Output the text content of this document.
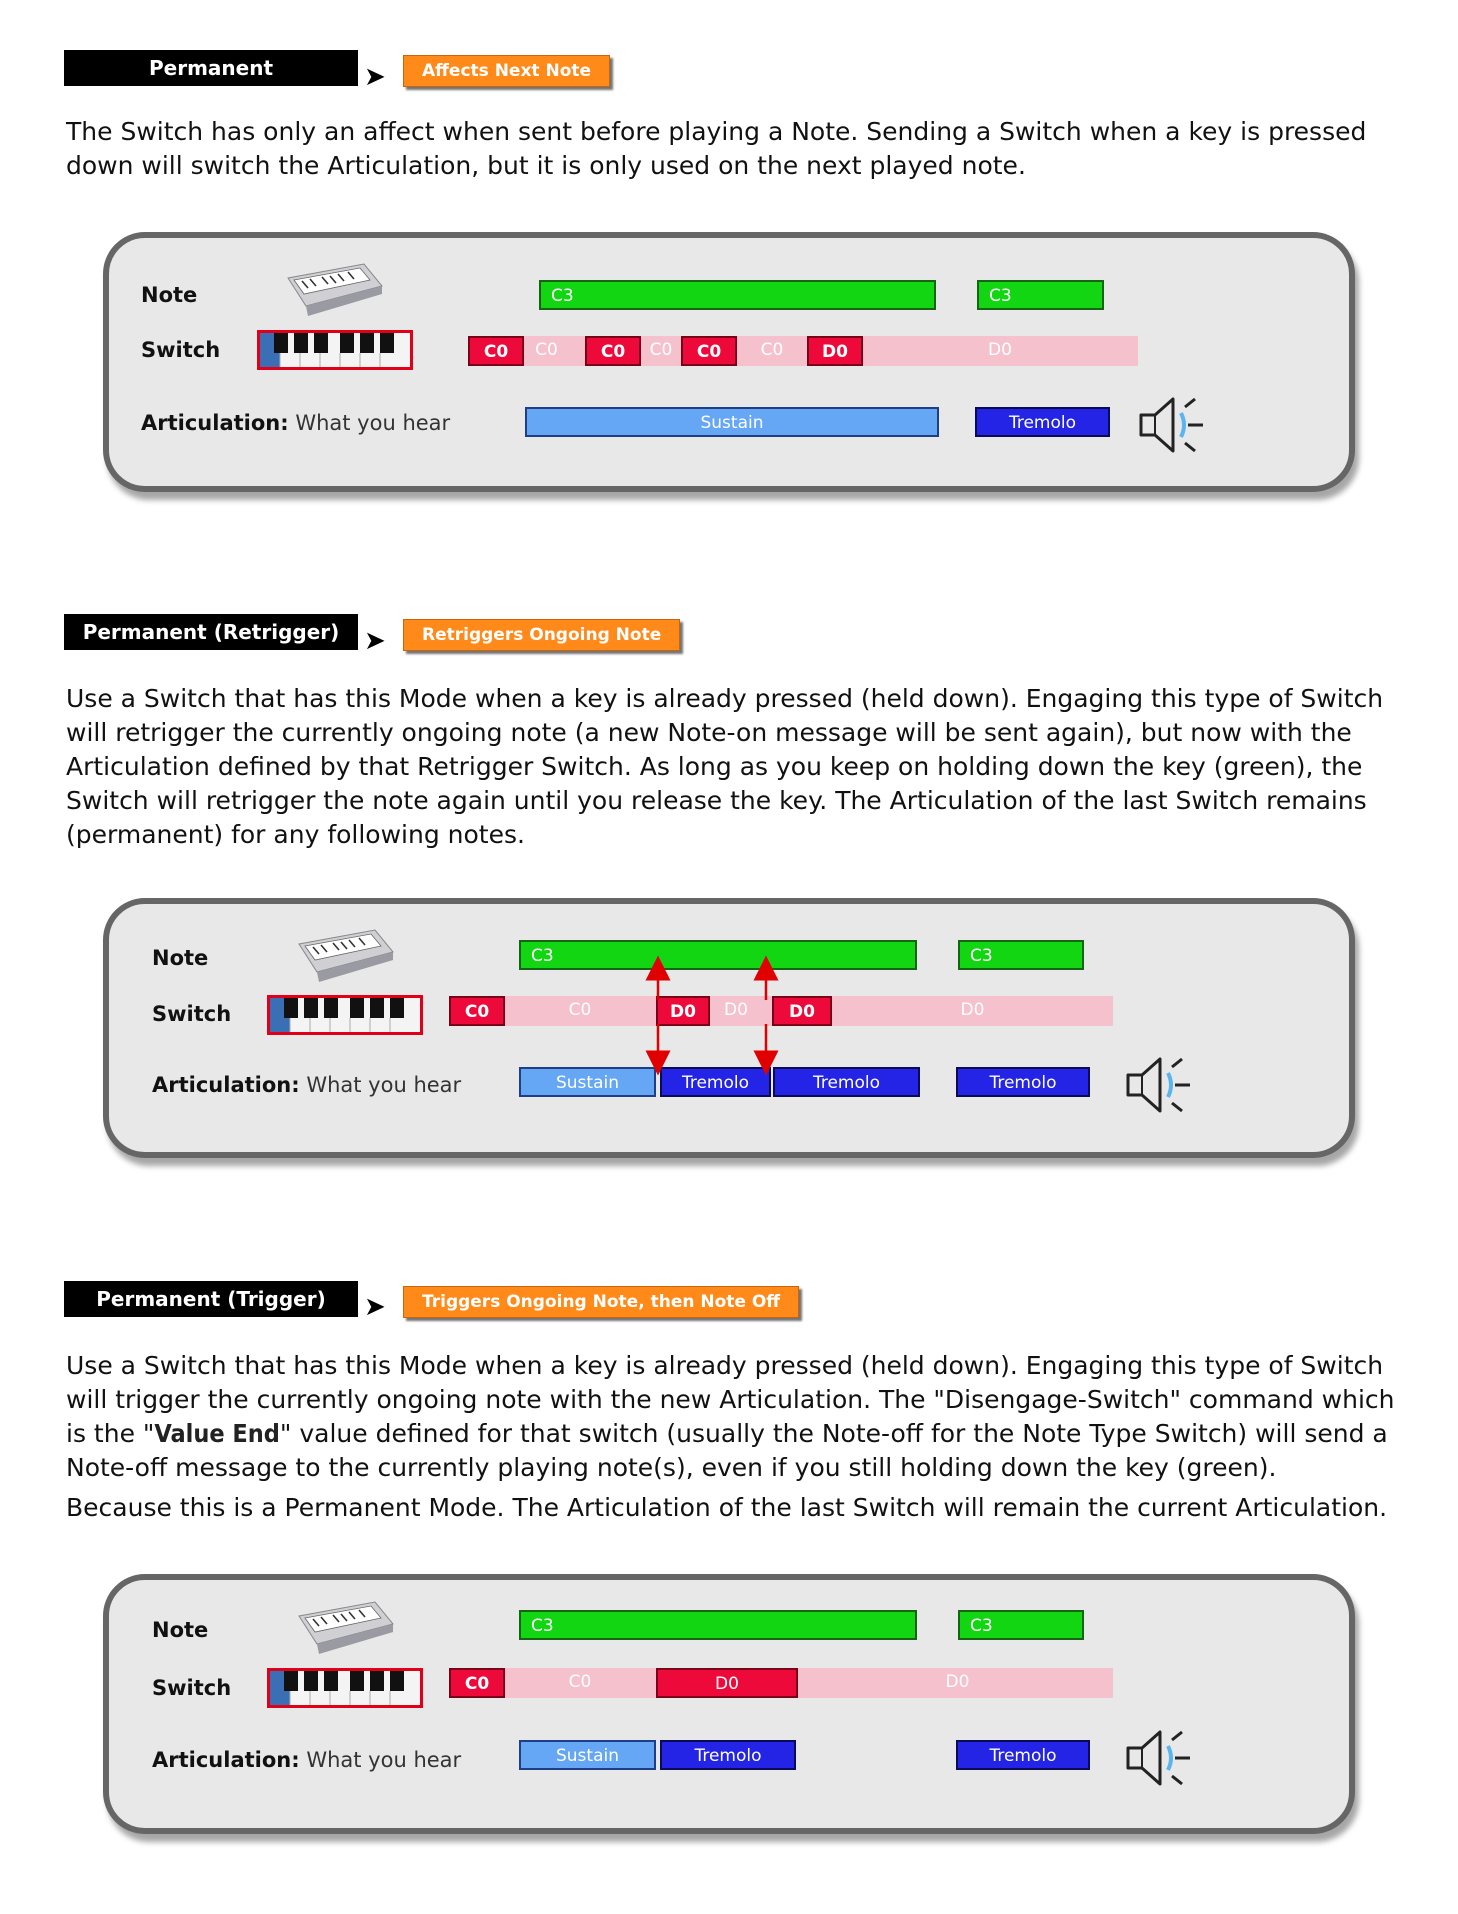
Permanent	➤	Affects Next Note

The Switch has only an affect when sent before playing a Note. Sending a Switch when a key is pressed down will switch the Articulation, but it is only used on the next played note.

Note
Switch
Articulation: What you hear
C3	C3
C0	C0	C0	C0	C0	C0	D0	D0
Sustain	Tremolo
Permanent (Retrigger) ➤	Retriggers Ongoing Note

Use a Switch that has this Mode when a key is already pressed (held down). Engaging this type of Switch will retrigger the currently ongoing note (a new Note-on message will be sent again), but now with the Articulation defined by that Retrigger Switch. As long as you keep on holding down the key (green), the Switch will retrigger the note again until you release the key. The Articulation of the last Switch remains (permanent) for any following notes.

Note
Switch
Articulation: What you hear
C3	C3
C0	C0	D0	D0	D0	D0
Sustain	Tremolo	Tremolo	Tremolo
Permanent (Trigger)	➤	Triggers Ongoing Note, then Note Off

Use a Switch that has this Mode when a key is already pressed (held down). Engaging this type of Switch will trigger the currently ongoing note with the new Articulation. The "Disengage-Switch" command which is the "Value End" value defined for that switch (usually the Note-off for the Note Type Switch) will send a Note-off message to the currently playing note(s), even if you still holding down the key (green).

Because this is a Permanent Mode. The Articulation of the last Switch will remain the current Articulation.

Note
Switch
Articulation: What you hear
C3	C3
C0	C0	D0	D0
Sustain	Tremolo	Tremolo
